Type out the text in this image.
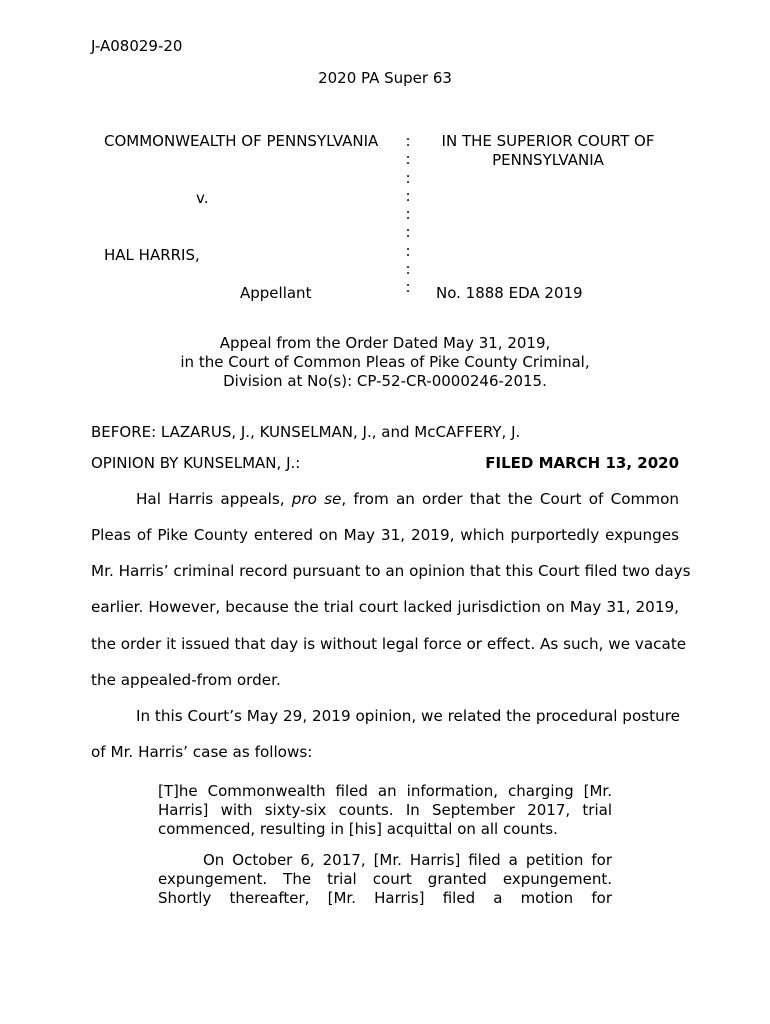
J-A08029-20
2020 PA Super 63
COMMONWEALTH OF PENNSYLVANIA
v.
HAL HARRIS,
Appellant
:
:
:
:
:
:
:
:
:
IN THE SUPERIOR COURT OF
PENNSYLVANIA
No. 1888 EDA 2019
Appeal from the Order Dated May 31, 2019,
in the Court of Common Pleas of Pike County Criminal,
Division at No(s): CP-52-CR-0000246-2015.
BEFORE: LAZARUS, J., KUNSELMAN, J., and McCAFFERY, J.
OPINION BY KUNSELMAN, J.:	FILED MARCH 13, 2020
Hal Harris appeals, pro se, from an order that the Court of Common
Pleas of Pike County entered on May 31, 2019, which purportedly expunges
Mr. Harris’ criminal record pursuant to an opinion that this Court filed two days
earlier. However, because the trial court lacked jurisdiction on May 31, 2019,
the order it issued that day is without legal force or effect. As such, we vacate
the appealed-from order.
In this Court’s May 29, 2019 opinion, we related the procedural posture
of Mr. Harris’ case as follows:
[T]he Commonwealth filed an information, charging [Mr.
Harris] with sixty-six counts. In September 2017, trial
commenced, resulting in [his] acquittal on all counts.
On October 6, 2017, [Mr. Harris] filed a petition for
expungement. The trial court granted expungement.
Shortly thereafter, [Mr. Harris] filed a motion for
